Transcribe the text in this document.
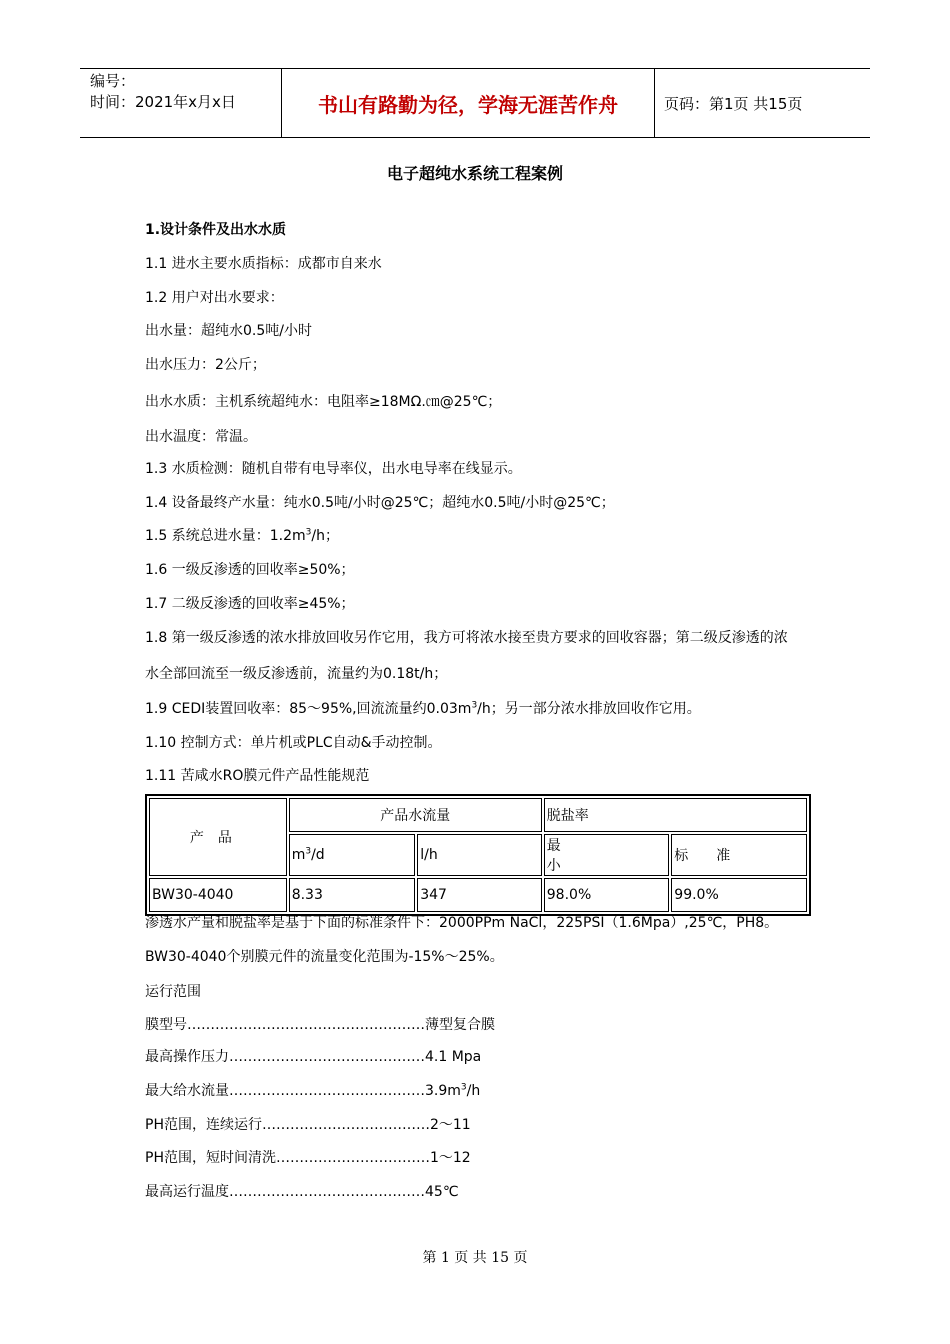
编号：
时间：2021年x月x日	书山有路勤为径，学海无涯苦作舟	页码：第1页 共15页
电子超纯水系统工程案例
1.设计条件及出水水质
1.1 进水主要水质指标：成都市自来水
1.2 用户对出水要求：
出水量：超纯水0.5吨/小时
出水压力：2公斤；
出水水质：主机系统超纯水：电阻率≥18MΩ.㎝@25℃；
出水温度：常温。
1.3 水质检测：随机自带有电导率仪，出水电导率在线显示。
1.4 设备最终产水量：纯水0.5吨/小时@25℃；超纯水0.5吨/小时@25℃；
1.5 系统总进水量：$1.2m^3/h$；
1.6 一级反渗透的回收率≥50%；
1.7 二级反渗透的回收率≥45%；
1.8 第一级反渗透的浓水排放回收另作它用，我方可将浓水接至贵方要求的回收容器；第二级反渗透的浓
水全部回流至一级反渗透前，流量约为0.18t/h；
1.9 CEDI装置回收率：85～95%,回流流量约$0.03m^3/h$；另一部分浓水排放回收作它用。
1.10 控制方式：单片机或PLC自动&手动控制。
1.11 苦咸水RO膜元件产品性能规范
产品	产品水流量		脱盐率	
	$m^3/d$	l/h	最小	标准
BW30-4040	8.33	347	98.0%	99.0%
渗透水产量和脱盐率是基于下面的标准条件下：2000PPm NaCl，225PSI（1.6Mpa）,25℃，PH8。
BW30-4040个别膜元件的流量变化范围为-15%～25%。
运行范围
膜型号……………………………………………薄型复合膜
最高操作压力……………………………………4.1 Mpa
最大给水流量$\dots\dots\dots\dots\dots\dots\dots\dots\dots\dots\dots\dots\dots\dots 3.9m^3/h$
PH范围，连续运行………………………………2～11
PH范围，短时间清洗……………………………1～12
最高运行温度……………………………………45℃
第 1 页 共 15 页
